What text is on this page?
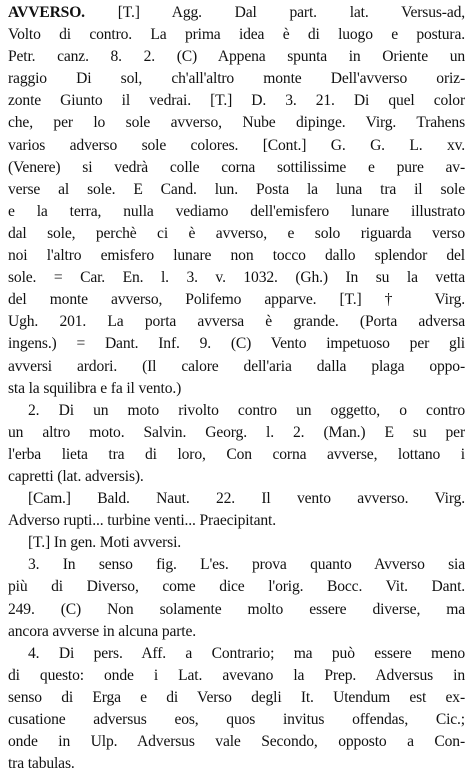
AVVERSO. [T.] Agg. Dal part. lat. Versus-ad,
Volto di contro. La prima idea è di luogo e postura.
Petr. canz. 8. 2. (C) Appena spunta in Oriente un
raggio Di sol, ch'all'altro monte Dell'avverso oriz-
zonte Giunto il vedrai. [T.] D. 3. 21. Di quel color
che, per lo sole avverso, Nube dipinge. Virg. Trahens
varios adverso sole colores. [Cont.] G. G. L. xv.
(Venere) si vedrà colle corna sottilissime e pure av-
verse al sole. E Cand. lun. Posta la luna tra il sole
e la terra, nulla vediamo dell'emisfero lunare illustrato
dal sole, perchè ci è avverso, e solo riguarda verso
noi l'altro emisfero lunare non tocco dallo splendor del
sole. = Car. En. l. 3. v. 1032. (Gh.) In su la vetta
del monte avverso, Polifemo apparve. [T.] † Virg.
Ugh. 201. La porta avversa è grande. (Porta adversa
ingens.) = Dant. Inf. 9. (C) Vento impetuoso per gli
avversi ardori. (Il calore dell'aria dalla plaga oppo-
sta la squilibra e fa il vento.)
2. Di un moto rivolto contro un oggetto, o contro
un altro moto. Salvin. Georg. l. 2. (Man.) E su per
l'erba lieta tra di loro, Con corna avverse, lottano i
capretti (lat. adversis).
[Cam.] Bald. Naut. 22. Il vento avverso. Virg.
Adverso rupti... turbine venti... Praecipitant.
[T.] In gen. Moti avversi.
3. In senso fig. L'es. prova quanto Avverso sia
più di Diverso, come dice l'orig. Bocc. Vit. Dant.
249. (C) Non solamente molto essere diverse, ma
ancora avverse in alcuna parte.
4. Di pers. Aff. a Contrario; ma può essere meno
di questo: onde i Lat. avevano la Prep. Adversus in
senso di Erga e di Verso degli It. Utendum est ex-
cusatione adversus eos, quos invitus offendas, Cic.;
onde in Ulp. Adversus vale Secondo, opposto a Con-
tra tabulas.
